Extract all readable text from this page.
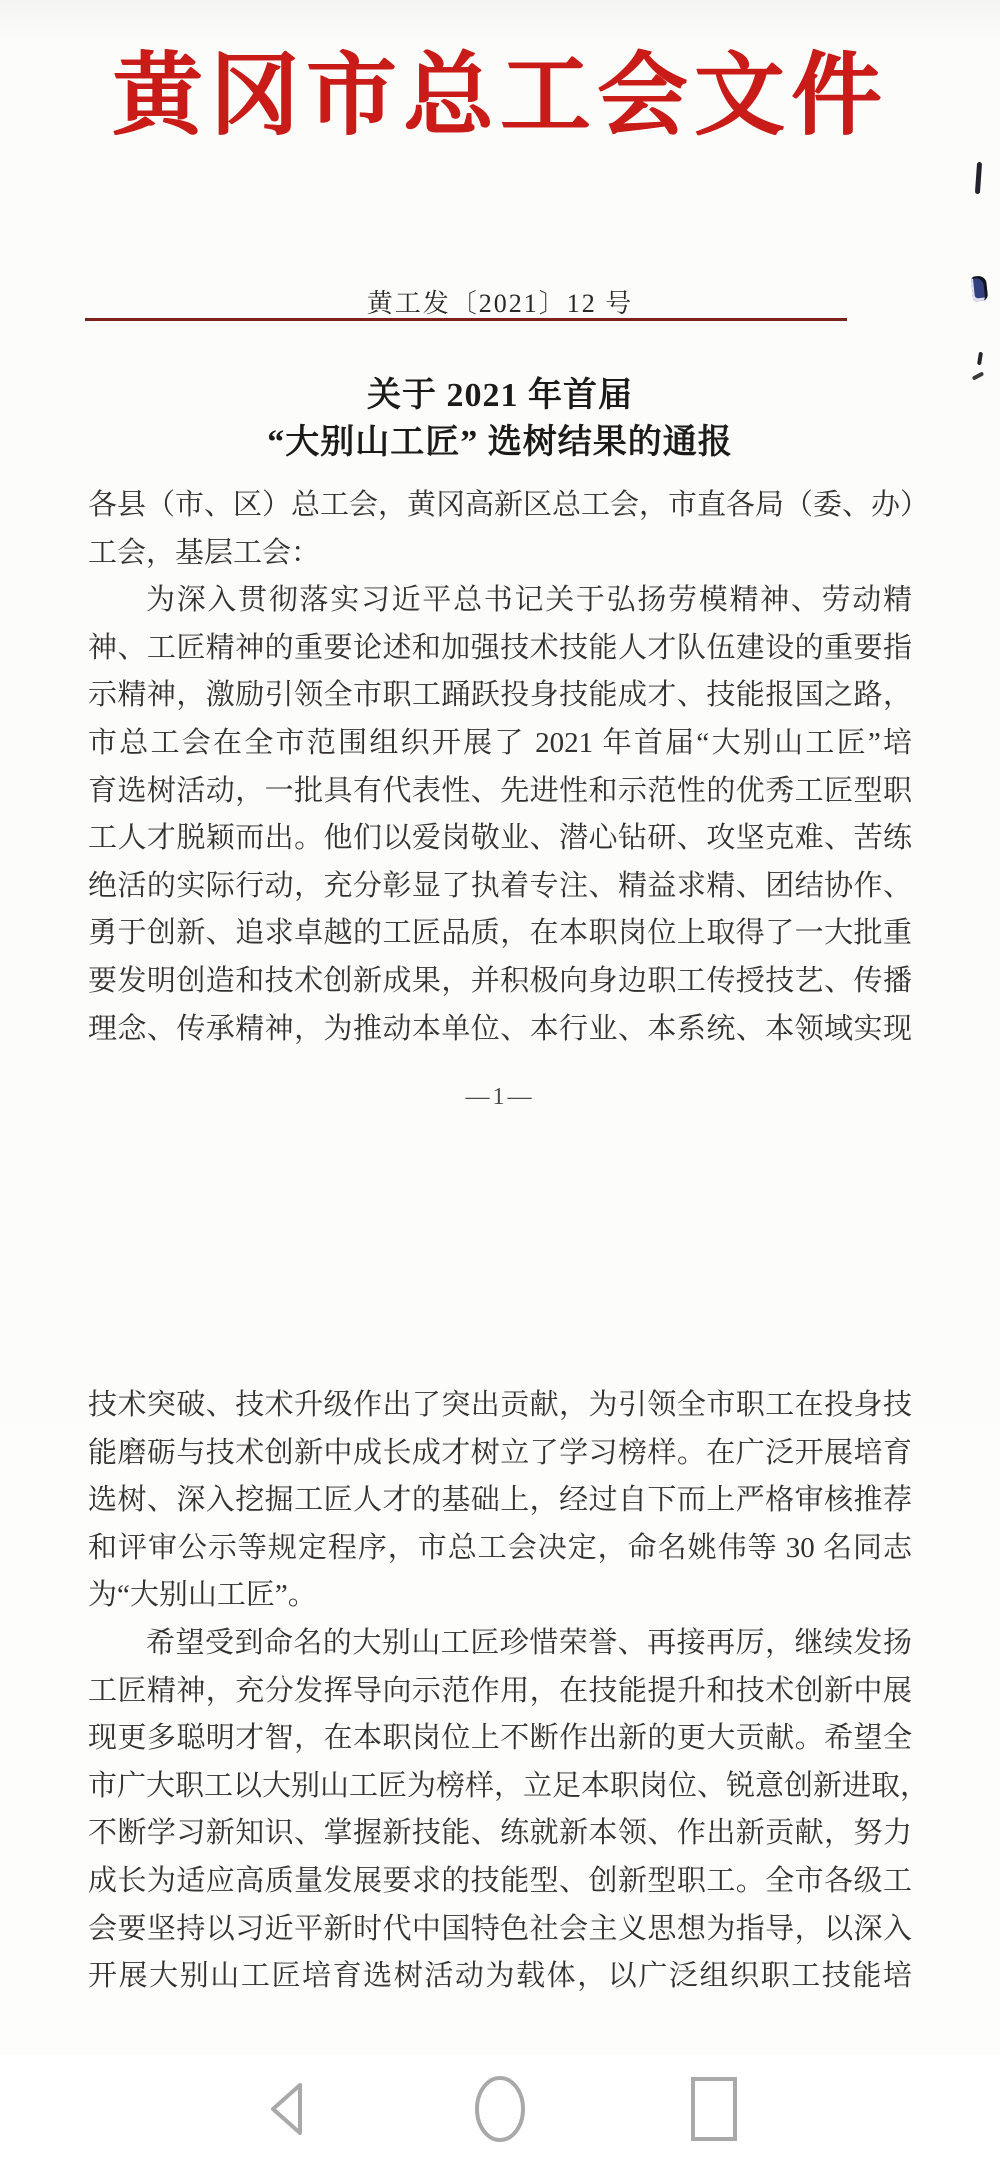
黄冈市总工会文件
黄工发〔2021〕12 号
关于 2021 年首届
“大别山工匠” 选树结果的通报
各县（市、区）总工会，黄冈高新区总工会，市直各局（委、办）
工会，基层工会：
为深入贯彻落实习近平总书记关于弘扬劳模精神、劳动精
神、工匠精神的重要论述和加强技术技能人才队伍建设的重要指
示精神，激励引领全市职工踊跃投身技能成才、技能报国之路，
市总工会在全市范围组织开展了 2021 年首届“大别山工匠”培
育选树活动，一批具有代表性、先进性和示范性的优秀工匠型职
工人才脱颖而出。他们以爱岗敬业、潜心钻研、攻坚克难、苦练
绝活的实际行动，充分彰显了执着专注、精益求精、团结协作、
勇于创新、追求卓越的工匠品质，在本职岗位上取得了一大批重
要发明创造和技术创新成果，并积极向身边职工传授技艺、传播
理念、传承精神，为推动本单位、本行业、本系统、本领域实现
—1—
技术突破、技术升级作出了突出贡献，为引领全市职工在投身技
能磨砺与技术创新中成长成才树立了学习榜样。在广泛开展培育
选树、深入挖掘工匠人才的基础上，经过自下而上严格审核推荐
和评审公示等规定程序，市总工会决定，命名姚伟等 30 名同志
为“大别山工匠”。
希望受到命名的大别山工匠珍惜荣誉、再接再厉，继续发扬
工匠精神，充分发挥导向示范作用，在技能提升和技术创新中展
现更多聪明才智，在本职岗位上不断作出新的更大贡献。希望全
市广大职工以大别山工匠为榜样，立足本职岗位、锐意创新进取，
不断学习新知识、掌握新技能、练就新本领、作出新贡献，努力
成长为适应高质量发展要求的技能型、创新型职工。全市各级工
会要坚持以习近平新时代中国特色社会主义思想为指导，以深入
开展大别山工匠培育选树活动为载体，以广泛组织职工技能培
